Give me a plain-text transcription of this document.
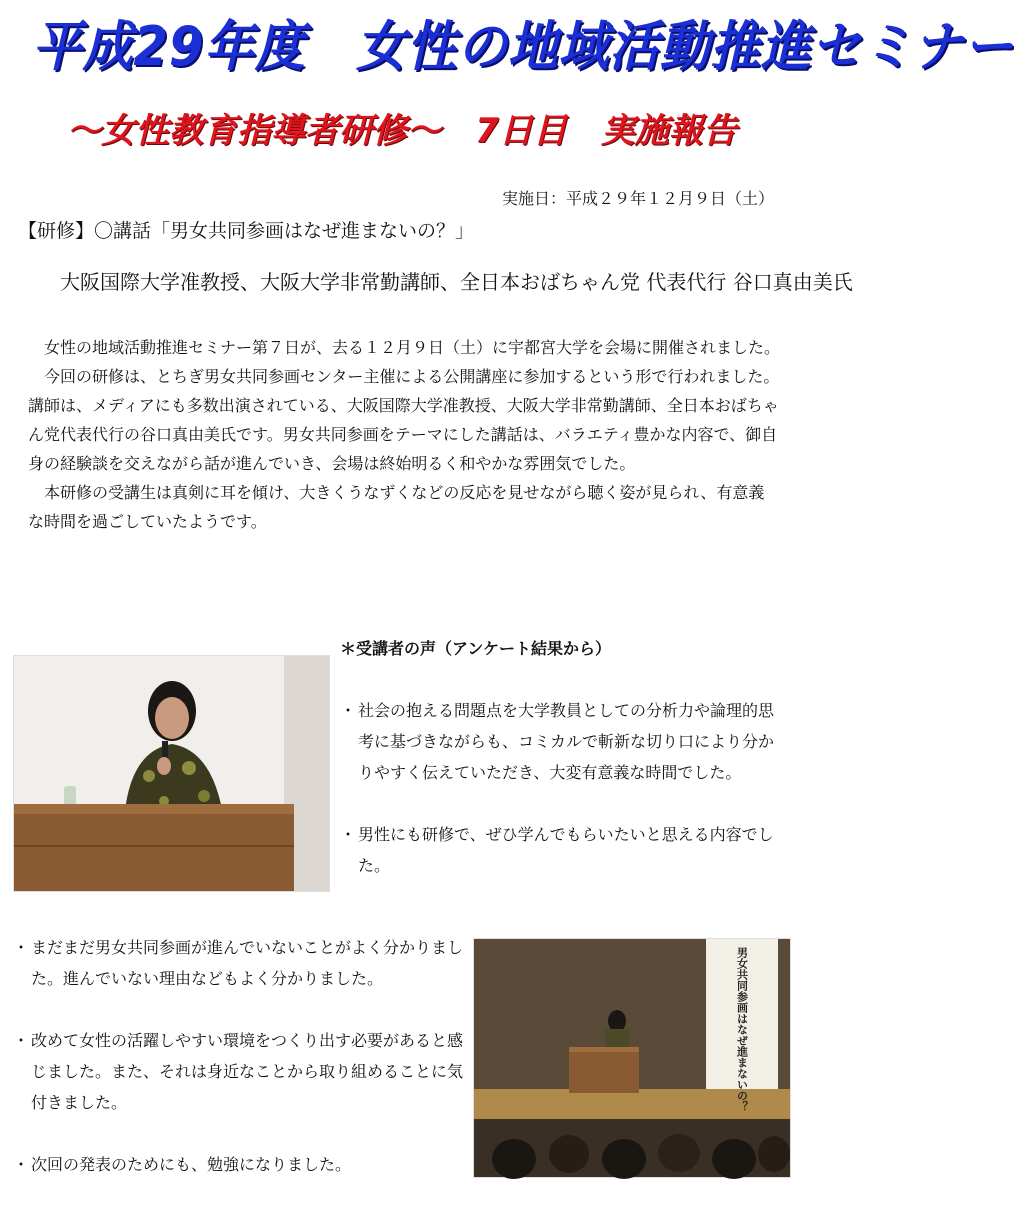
平成29年度　女性の地域活動推進セミナー
～女性教育指導者研修～　7日目　実施報告
実施日：平成２９年１２月９日（土）
【研修】〇講話「男女共同参画はなぜ進まないの？」
大阪国際大学准教授、大阪大学非常勤講師、全日本おばちゃん党 代表代行 谷口真由美氏

女性の地域活動推進セミナー第７日が、去る１２月９日（土）に宇都宮大学を会場に開催されました。

今回の研修は、とちぎ男女共同参画センター主催による公開講座に参加するという形で行われました。講師は、メディアにも多数出演されている、大阪国際大学准教授、大阪大学非常勤講師、全日本おばちゃん党代表代行の谷口真由美氏です。男女共同参画をテーマにした講話は、バラエティ豊かな内容で、御自身の経験談を交えながら話が進んでいき、会場は終始明るく和やかな雰囲気でした。

本研修の受講生は真剣に耳を傾け、大きくうなずくなどの反応を見せながら聴く姿が見られ、有意義な時間を過ごしていたようです。

＊受講者の声（アンケート結果から）
・ 社会の抱える問題点を大学教員としての分析力や論理的思考に基づきながらも、コミカルで斬新な切り口により分かりやすく伝えていただき、大変有意義な時間でした。
・ 男性にも研修で、ぜひ学んでもらいたいと思える内容でした。
・ まだまだ男女共同参画が進んでいないことがよく分かりました。進んでいない理由などもよく分かりました。
・ 改めて女性の活躍しやすい環境をつくり出す必要があると感じました。また、それは身近なことから取り組めることに気付きました。
・ 次回の発表のためにも、勉強になりました。
男女共同参画はなぜ進まないの？
